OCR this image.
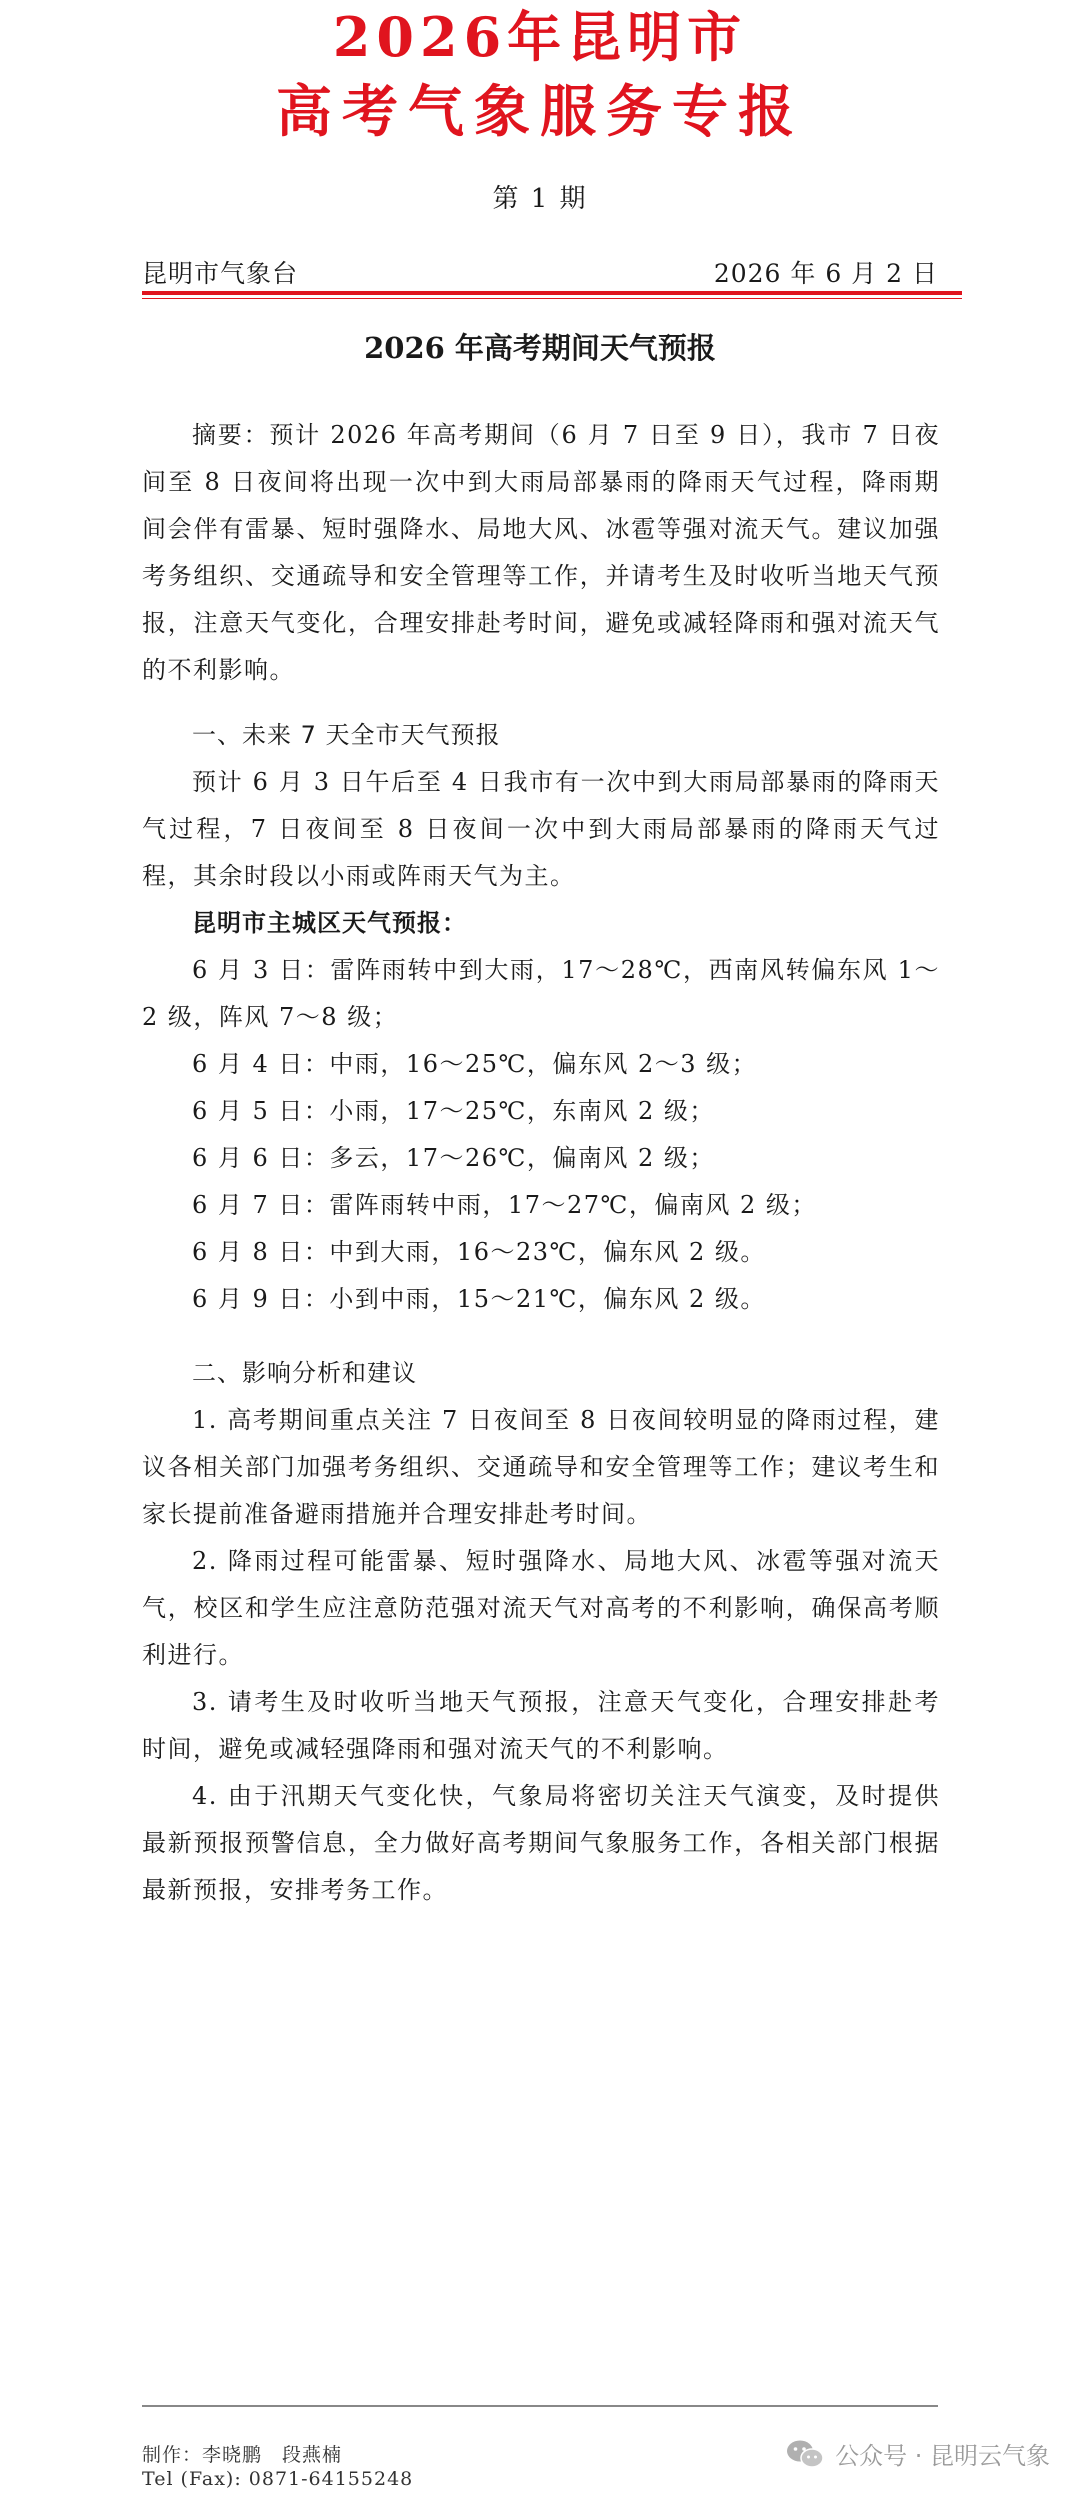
2026年昆明市
高考气象服务专报
第 1 期
昆明市气象台	2026 年 6 月 2 日
2026 年高考期间天气预报

摘要：预计 2026 年高考期间（6 月 7 日至 9 日），我市 7 日夜间至 8 日夜间将出现一次中到大雨局部暴雨的降雨天气过程，降雨期间会伴有雷暴、短时强降水、局地大风、冰雹等强对流天气。建议加强考务组织、交通疏导和安全管理等工作，并请考生及时收听当地天气预报，注意天气变化，合理安排赴考时间，避免或减轻降雨和强对流天气的不利影响。

一、未来 7 天全市天气预报

预计 6 月 3 日午后至 4 日我市有一次中到大雨局部暴雨的降雨天气过程，7 日夜间至 8 日夜间一次中到大雨局部暴雨的降雨天气过程，其余时段以小雨或阵雨天气为主。

昆明市主城区天气预报：

6 月 3 日：雷阵雨转中到大雨，17～28℃，西南风转偏东风 1～2 级，阵风 7～8 级；

6 月 4 日：中雨，16～25℃，偏东风 2～3 级；

6 月 5 日：小雨，17～25℃，东南风 2 级；

6 月 6 日：多云，17～26℃，偏南风 2 级；

6 月 7 日：雷阵雨转中雨，17～27℃，偏南风 2 级；

6 月 8 日：中到大雨，16～23℃，偏东风 2 级。

6 月 9 日：小到中雨，15～21℃，偏东风 2 级。

二、影响分析和建议

1. 高考期间重点关注 7 日夜间至 8 日夜间较明显的降雨过程，建议各相关部门加强考务组织、交通疏导和安全管理等工作；建议考生和家长提前准备避雨措施并合理安排赴考时间。

2. 降雨过程可能雷暴、短时强降水、局地大风、冰雹等强对流天气，校区和学生应注意防范强对流天气对高考的不利影响，确保高考顺利进行。

3. 请考生及时收听当地天气预报，注意天气变化，合理安排赴考时间，避免或减轻强降雨和强对流天气的不利影响。

4. 由于汛期天气变化快，气象局将密切关注天气演变，及时提供最新预报预警信息，全力做好高考期间气象服务工作，各相关部门根据最新预报，安排考务工作。

制作：李晓鹏　段燕楠
Tel (Fax): 0871-64155248
公众号 · 昆明云气象
